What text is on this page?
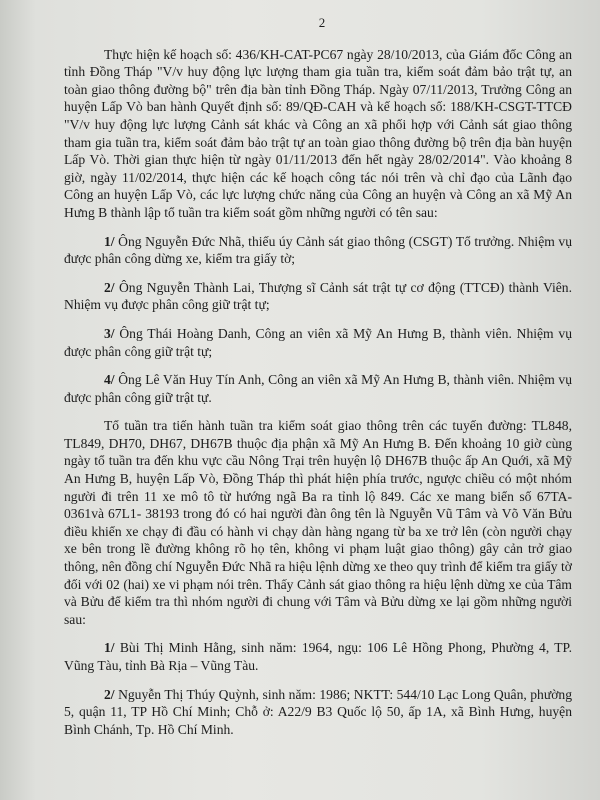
2

Thực hiện kế hoạch số: 436/KH-CAT-PC67 ngày 28/10/2013, của Giám đốc Công an tỉnh Đồng Tháp "V/v huy động lực lượng tham gia tuần tra, kiểm soát đảm bảo trật tự, an toàn giao thông đường bộ" trên địa bàn tỉnh Đồng Tháp. Ngày 07/11/2013, Trưởng Công an huyện Lấp Vò ban hành Quyết định số: 89/QĐ-CAH và kế hoạch số: 188/KH-CSGT-TTCĐ "V/v huy động lực lượng Cảnh sát khác và Công an xã phối hợp với Cảnh sát giao thông tham gia tuần tra, kiểm soát đảm bảo trật tự an toàn giao thông đường bộ trên địa bàn huyện Lấp Vò. Thời gian thực hiện từ ngày 01/11/2013 đến hết ngày 28/02/2014". Vào khoảng 8 giờ, ngày 11/02/2014, thực hiện các kế hoạch công tác nói trên và chỉ đạo của Lãnh đạo Công an huyện Lấp Vò, các lực lượng chức năng của Công an huyện và Công an xã Mỹ An Hưng B thành lập tổ tuần tra kiểm soát gồm những người có tên sau:

1/ Ông Nguyễn Đức Nhã, thiếu úy Cảnh sát giao thông (CSGT) Tổ trưởng. Nhiệm vụ được phân công dừng xe, kiểm tra giấy tờ;

2/ Ông Nguyễn Thành Lai, Thượng sĩ Cảnh sát trật tự cơ động (TTCĐ) thành Viên. Nhiệm vụ được phân công giữ trật tự;

3/ Ông Thái Hoàng Danh, Công an viên xã Mỹ An Hưng B, thành viên. Nhiệm vụ được phân công giữ trật tự;

4/ Ông Lê Văn Huy Tín Anh, Công an viên xã Mỹ An Hưng B, thành viên. Nhiệm vụ được phân công giữ trật tự.

Tổ tuần tra tiến hành tuần tra kiểm soát giao thông trên các tuyến đường: TL848, TL849, DH70, DH67, DH67B thuộc địa phận xã Mỹ An Hưng B. Đến khoảng 10 giờ cùng ngày tổ tuần tra đến khu vực cầu Nông Trại trên huyện lộ DH67B thuộc ấp An Quới, xã Mỹ An Hưng B, huyện Lấp Vò, Đồng Tháp thì phát hiện phía trước, ngược chiều có một nhóm người đi trên 11 xe mô tô từ hướng ngã Ba ra tỉnh lộ 849. Các xe mang biển số 67TA- 0361và 67L1- 38193 trong đó có hai người đàn ông tên là Nguyễn Vũ Tâm và Võ Văn Bửu điều khiển xe chạy đi đầu có hành vi chạy dàn hàng ngang từ ba xe trở lên (còn người chạy xe bên trong lề đường không rõ họ tên, không vi phạm luật giao thông) gây cản trở giao thông, nên đồng chí Nguyễn Đức Nhã ra hiệu lệnh dừng xe theo quy trình để kiểm tra giấy tờ đối với 02 (hai) xe vi phạm nói trên. Thấy Cảnh sát giao thông ra hiệu lệnh dừng xe của Tâm và Bửu để kiểm tra thì nhóm người đi chung với Tâm và Bửu dừng xe lại gồm những người sau:

1/ Bùi Thị Minh Hằng, sinh năm: 1964, ngụ: 106 Lê Hồng Phong, Phường 4, TP. Vũng Tàu, tỉnh Bà Rịa – Vũng Tàu.

2/ Nguyễn Thị Thúy Quỳnh, sinh năm: 1986; NKTT: 544/10 Lạc Long Quân, phường 5, quận 11, TP Hồ Chí Minh; Chỗ ở: A22/9 B3 Quốc lộ 50, ấp 1A, xã Bình Hưng, huyện Bình Chánh, Tp. Hồ Chí Minh.
